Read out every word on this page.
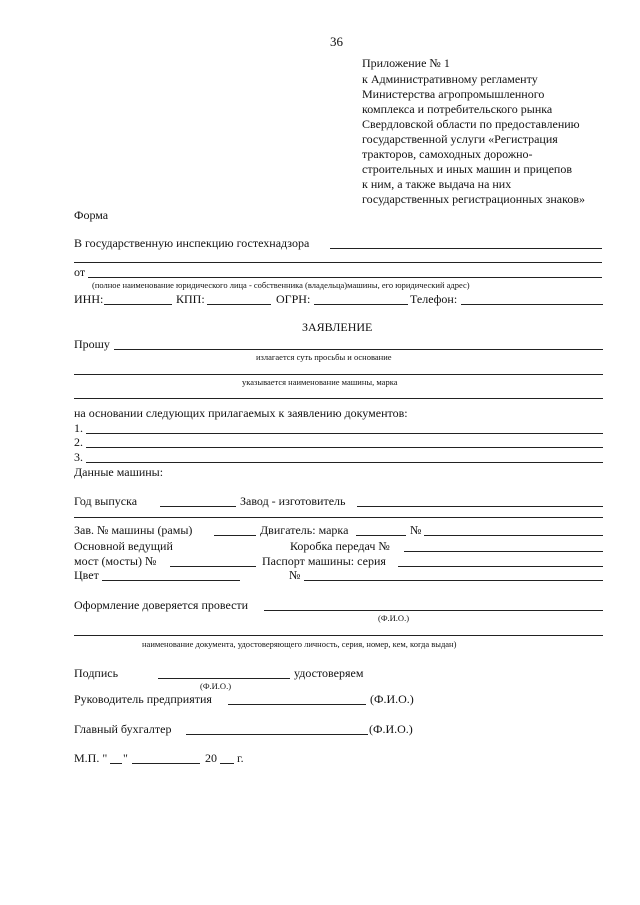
36
Приложение № 1
к Административному регламенту
Министерства агропромышленного
комплекса и потребительского рынка
Свердловской области по предоставлению
государственной услуги «Регистрация
тракторов, самоходных дорожно-
строительных и иных машин и прицепов
к ним, а также выдача на них
государственных регистрационных знаков»
Форма
В государственную инспекцию гостехнадзора
от
(полное наименование юридического лица - собственника (владельца)машины, его юридический адрес)
ИНН:	КПП:	ОГРН:	Телефон:
ЗАЯВЛЕНИЕ
Прошу
излагается суть просьбы и основание
указывается наименование машины, марка
на основании следующих прилагаемых к заявлению документов:
1.
2.
3.
Данные машины:
Год выпуска	Завод - изготовитель
Зав. № машины (рамы)	Двигатель: марка	№
Основной ведущий	Коробка передач №
мост (мосты) №	Паспорт машины: серия
Цвет	№
Оформление доверяется провести
(Ф.И.О.)
наименование документа, удостоверяющего личность, серия, номер, кем, когда выдан)
Подпись	удостоверяем
(Ф.И.О.)
Руководитель предприятия	(Ф.И.О.)
Главный бухгалтер	(Ф.И.О.)
М.П. " "	20 г.
